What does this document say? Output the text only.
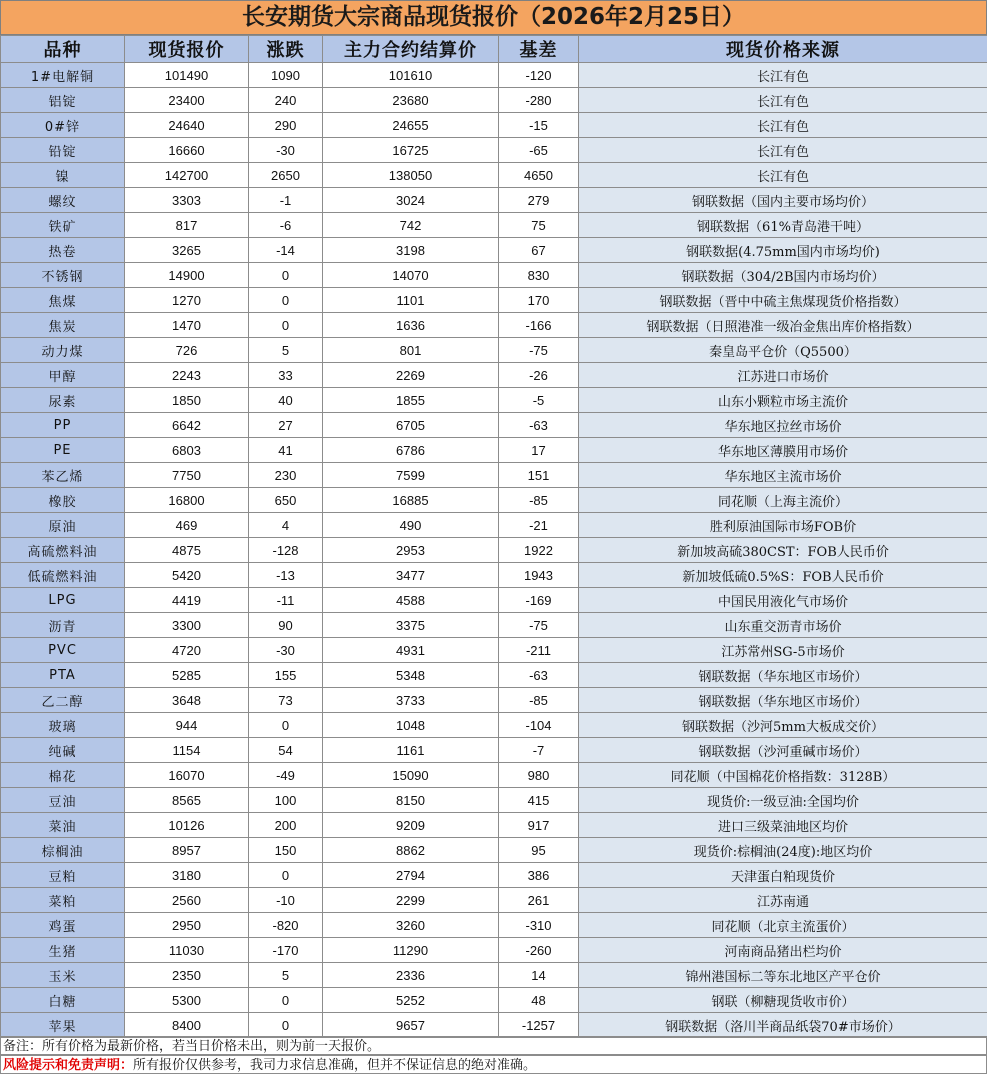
长安期货大宗商品现货报价（2026年2月25日）
品种	现货报价	涨跌	主力合约结算价	基差	现货价格来源
1#电解铜	101490	1090	101610	-120	长江有色
铝锭	23400	240	23680	-280	长江有色
0#锌	24640	290	24655	-15	长江有色
铅锭	16660	-30	16725	-65	长江有色
镍	142700	2650	138050	4650	长江有色
螺纹	3303	-1	3024	279	钢联数据（国内主要市场均价）
铁矿	817	-6	742	75	钢联数据（61%青岛港干吨）
热卷	3265	-14	3198	67	钢联数据(4.75mm国内市场均价)
不锈钢	14900	0	14070	830	钢联数据（304/2B国内市场均价）
焦煤	1270	0	1101	170	钢联数据（晋中中硫主焦煤现货价格指数）
焦炭	1470	0	1636	-166	钢联数据（日照港准一级冶金焦出库价格指数）
动力煤	726	5	801	-75	秦皇岛平仓价（Q5500）
甲醇	2243	33	2269	-26	江苏进口市场价
尿素	1850	40	1855	-5	山东小颗粒市场主流价
PP	6642	27	6705	-63	华东地区拉丝市场价
PE	6803	41	6786	17	华东地区薄膜用市场价
苯乙烯	7750	230	7599	151	华东地区主流市场价
橡胶	16800	650	16885	-85	同花顺（上海主流价）
原油	469	4	490	-21	胜利原油国际市场FOB价
高硫燃料油	4875	-128	2953	1922	新加坡高硫380CST：FOB人民币价
低硫燃料油	5420	-13	3477	1943	新加坡低硫0.5%S：FOB人民币价
LPG	4419	-11	4588	-169	中国民用液化气市场价
沥青	3300	90	3375	-75	山东重交沥青市场价
PVC	4720	-30	4931	-211	江苏常州SG-5市场价
PTA	5285	155	5348	-63	钢联数据（华东地区市场价）
乙二醇	3648	73	3733	-85	钢联数据（华东地区市场价）
玻璃	944	0	1048	-104	钢联数据（沙河5mm大板成交价）
纯碱	1154	54	1161	-7	钢联数据（沙河重碱市场价）
棉花	16070	-49	15090	980	同花顺（中国棉花价格指数：3128B）
豆油	8565	100	8150	415	现货价:一级豆油:全国均价
菜油	10126	200	9209	917	进口三级菜油地区均价
棕榈油	8957	150	8862	95	现货价:棕榈油(24度):地区均价
豆粕	3180	0	2794	386	天津蛋白粕现货价
菜粕	2560	-10	2299	261	江苏南通
鸡蛋	2950	-820	3260	-310	同花顺（北京主流蛋价）
生猪	11030	-170	11290	-260	河南商品猪出栏均价
玉米	2350	5	2336	14	锦州港国标二等东北地区产平仓价
白糖	5300	0	5252	48	钢联（柳糖现货收市价）
苹果	8400	0	9657	-1257	钢联数据（洛川半商品纸袋70#市场价）
备注：所有价格为最新价格，若当日价格未出，则为前一天报价。
风险提示和免责声明：所有报价仅供参考，我司力求信息准确，但并不保证信息的绝对准确。
